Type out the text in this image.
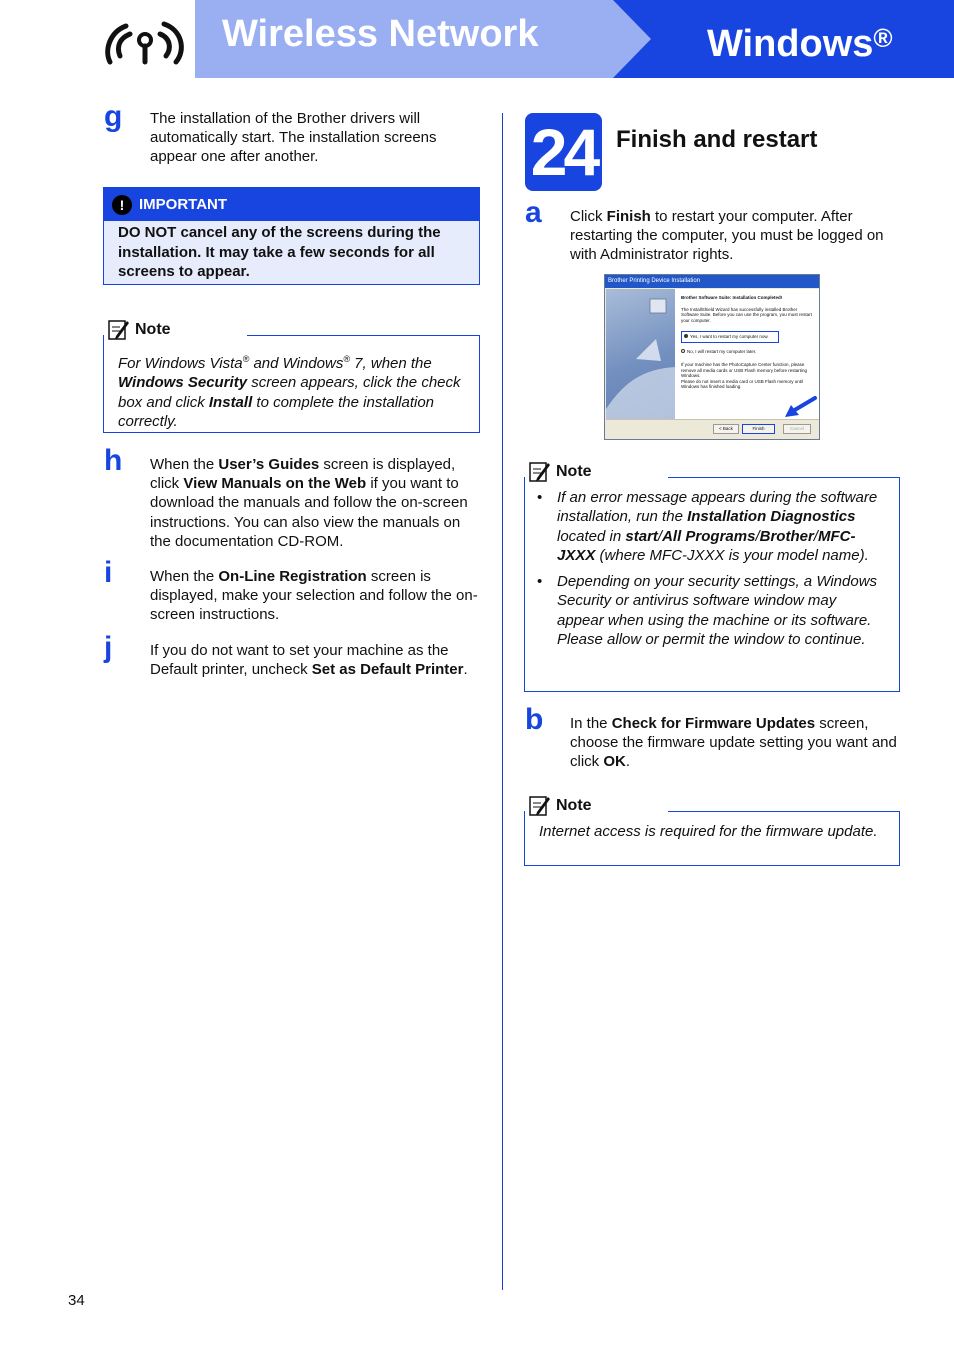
Wireless Network	Windows®
g The installation of the Brother drivers will automatically start. The installation screens appear one after another.
! IMPORTANT
DO NOT cancel any of the screens during the installation. It may take a few seconds for all screens to appear.
Note
For Windows Vista® and Windows® 7, when the Windows Security screen appears, click the check box and click Install to complete the installation correctly.
h When the User’s Guides screen is displayed, click View Manuals on the Web if you want to download the manuals and follow the on-screen instructions. You can also view the manuals on the documentation CD-ROM.
i	When the On-Line Registration screen is displayed, make your selection and follow the on-screen instructions.
j	If you do not want to set your machine as the Default printer, uncheck Set as Default Printer.
24 Finish and restart
a Click Finish to restart your computer. After restarting the computer, you must be logged on with Administrator rights.
Brother Printing Device Installation
Brother Software Suite: Installation Completed!
The InstallShield Wizard has successfully installed Brother Software Suite. Before you can use the program, you must restart your computer.
Yes, I want to restart my computer now.
No, I will restart my computer later.
If your machine has the PhotoCapture Center function, please remove all media cards or USB Flash memory before restarting Windows.
Please do not insert a media card or USB Flash memory until Windows has finished loading.
< Back	Finish	Cancel
Note
• If an error message appears during the software installation, run the Installation Diagnostics located in start/All Programs/Brother/MFC-JXXX (where MFC-JXXX is your model name).
• Depending on your security settings, a Windows Security or antivirus software window may appear when using the machine or its software. Please allow or permit the window to continue.
b In the Check for Firmware Updates screen, choose the firmware update setting you want and click OK.
Note
Internet access is required for the firmware update.
34
